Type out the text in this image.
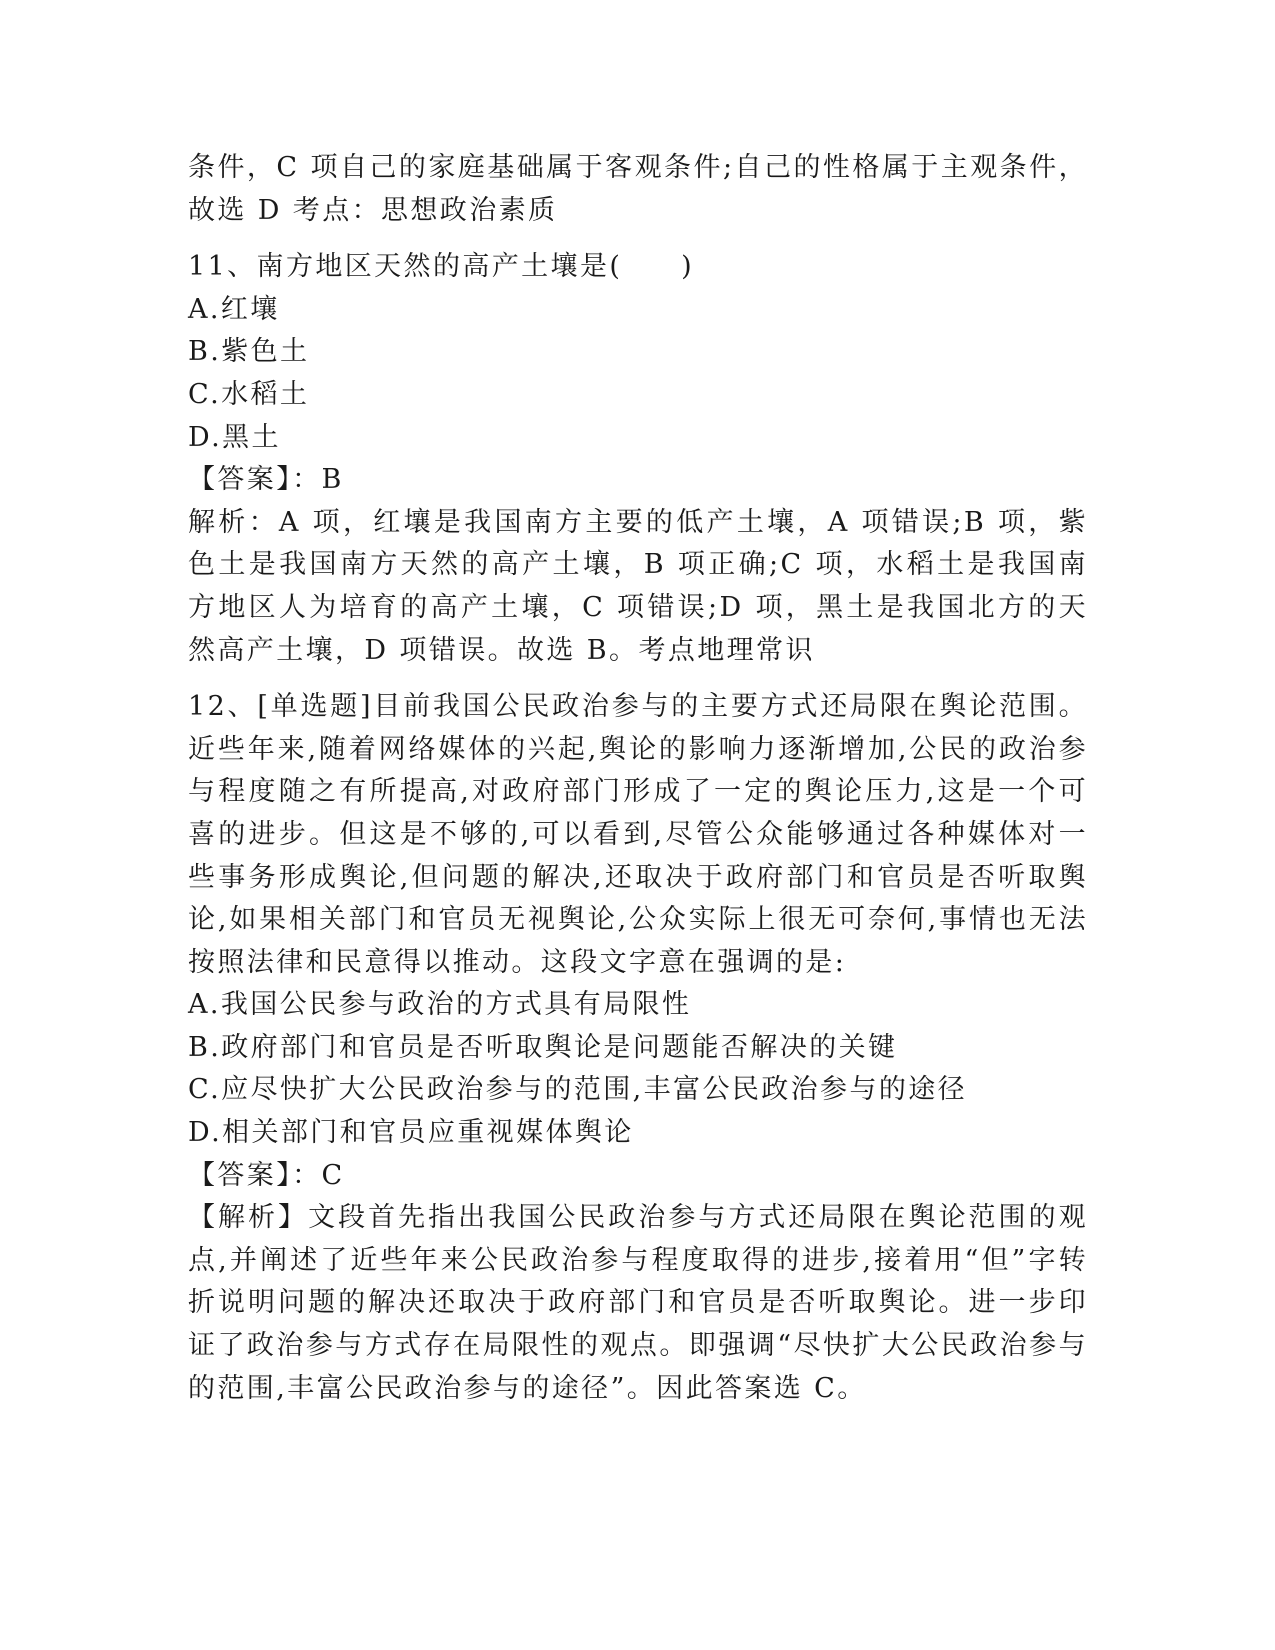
条件，C 项自己的家庭基础属于客观条件;自己的性格属于主观条件，故选 D 考点：思想政治素质

11、南方地区天然的高产土壤是(　　)

A.红壤

B.紫色土

C.水稻土

D.黑土

【答案】：B

解析：A 项，红壤是我国南方主要的低产土壤，A 项错误;B 项，紫色土是我国南方天然的高产土壤，B 项正确;C 项，水稻土是我国南方地区人为培育的高产土壤，C 项错误;D 项，黑土是我国北方的天然高产土壤，D 项错误。故选 B。考点地理常识

12、[单选题]目前我国公民政治参与的主要方式还局限在舆论范围。近些年来,随着网络媒体的兴起,舆论的影响力逐渐增加,公民的政治参与程度随之有所提高,对政府部门形成了一定的舆论压力,这是一个可喜的进步。但这是不够的,可以看到,尽管公众能够通过各种媒体对一些事务形成舆论,但问题的解决,还取决于政府部门和官员是否听取舆论,如果相关部门和官员无视舆论,公众实际上很无可奈何,事情也无法按照法律和民意得以推动。这段文字意在强调的是:

A.我国公民参与政治的方式具有局限性

B.政府部门和官员是否听取舆论是问题能否解决的关键

C.应尽快扩大公民政治参与的范围,丰富公民政治参与的途径

D.相关部门和官员应重视媒体舆论

【答案】：C

【解析】文段首先指出我国公民政治参与方式还局限在舆论范围的观点,并阐述了近些年来公民政治参与程度取得的进步,接着用“但”字转折说明问题的解决还取决于政府部门和官员是否听取舆论。进一步印证了政治参与方式存在局限性的观点。即强调“尽快扩大公民政治参与的范围,丰富公民政治参与的途径”。因此答案选 C。
